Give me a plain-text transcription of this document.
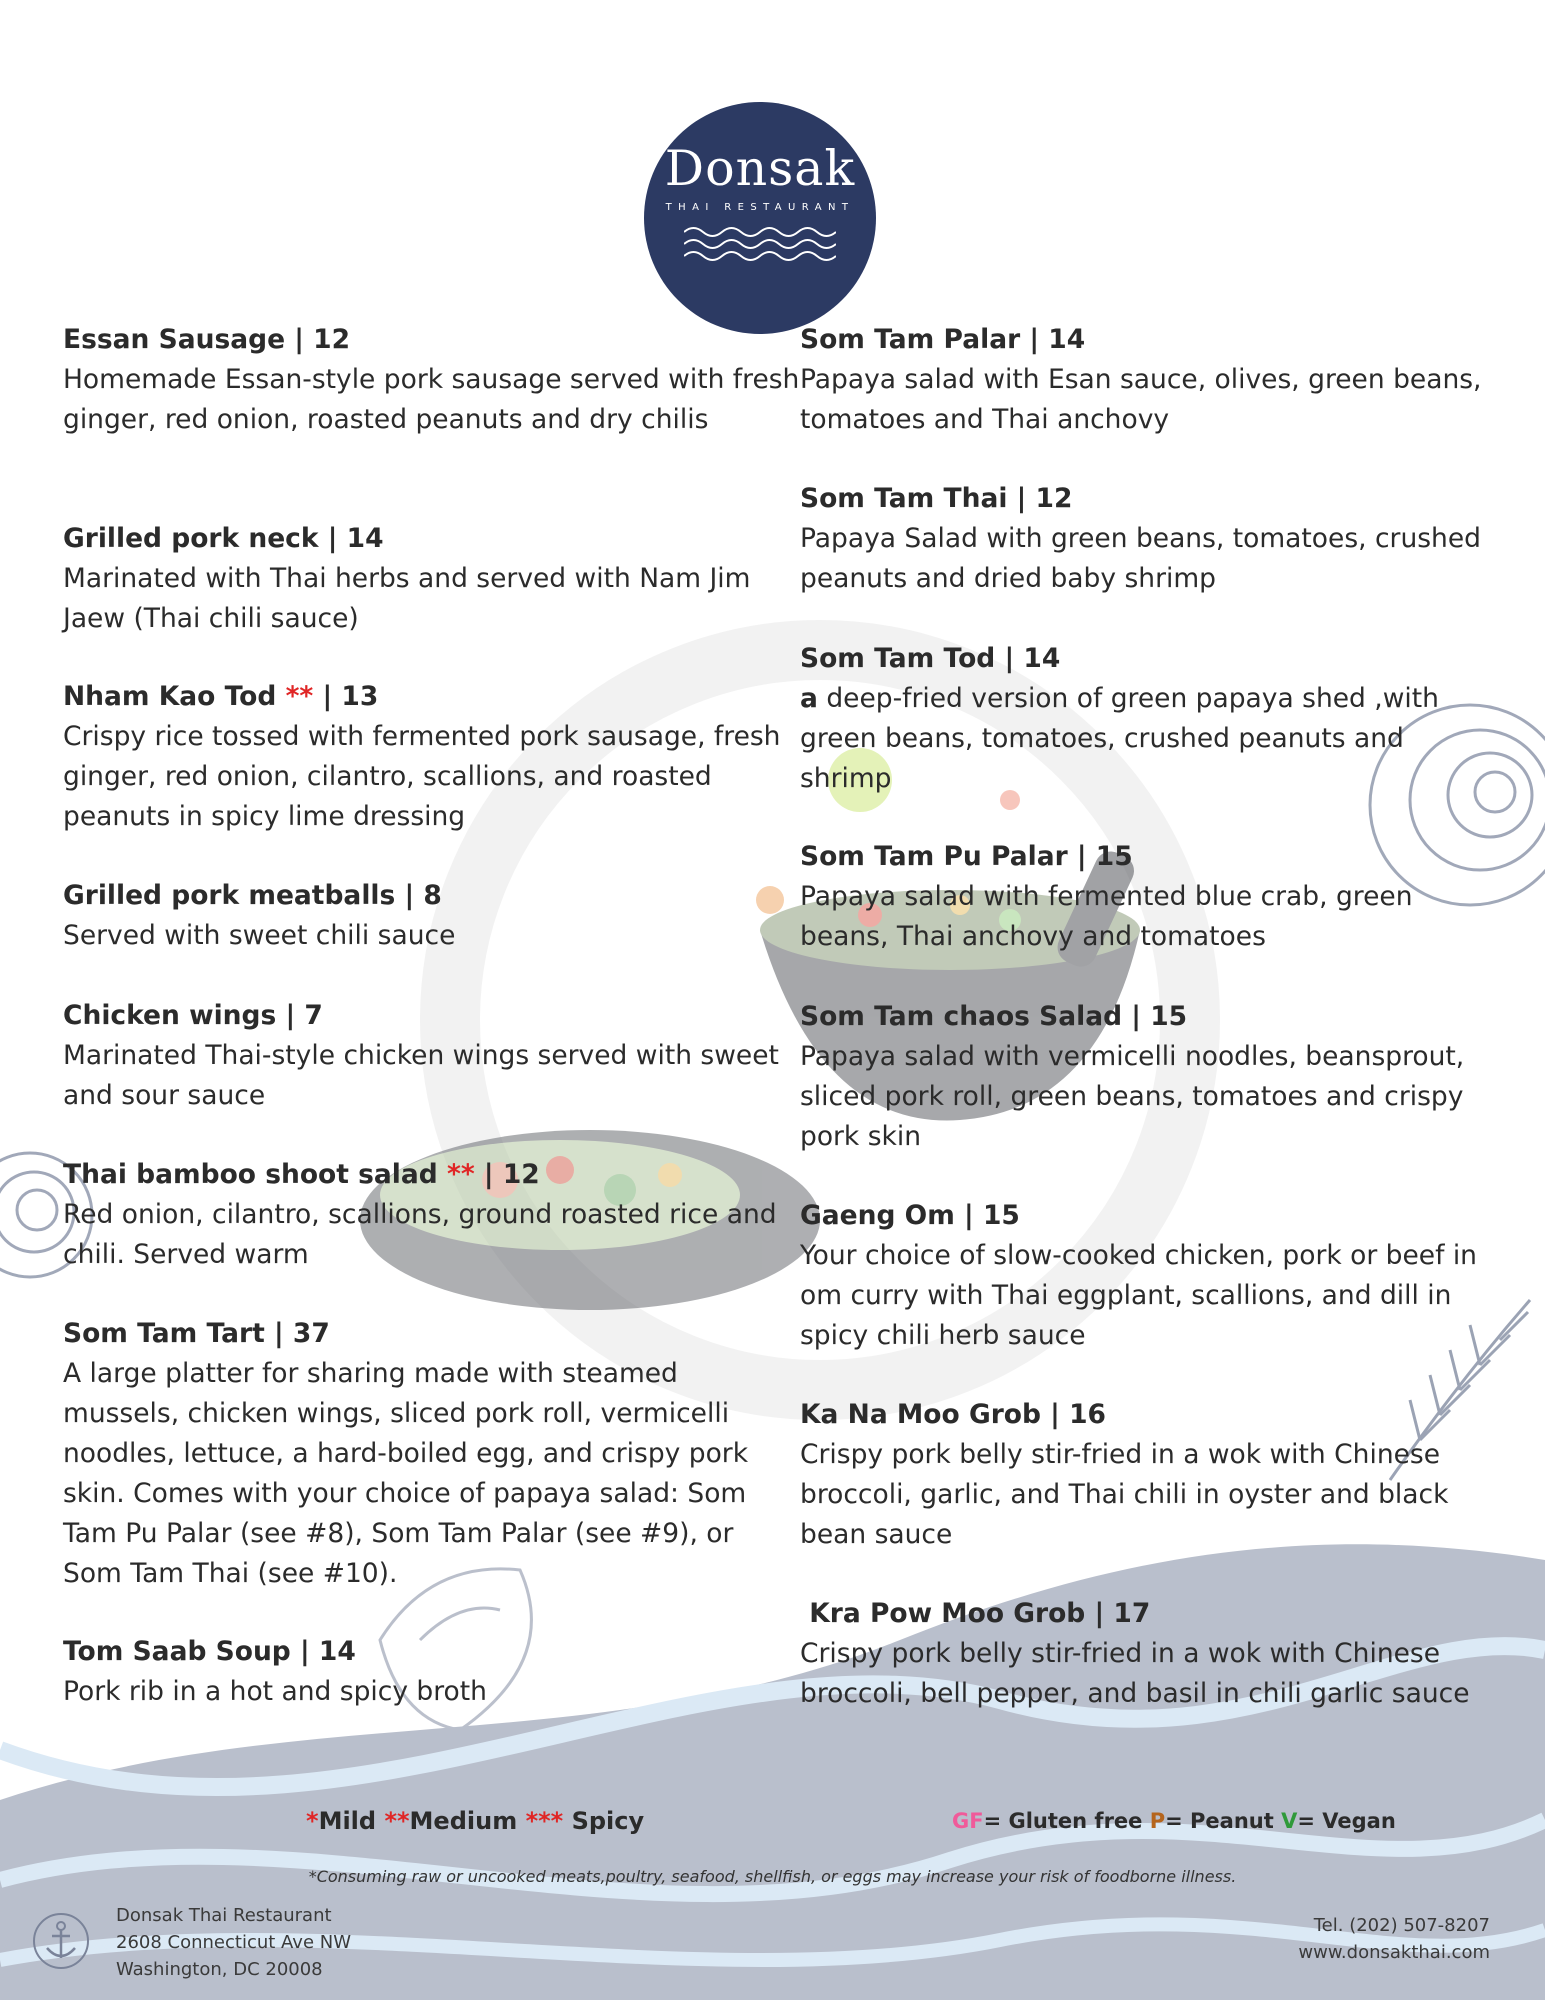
Donsak
THAI RESTAURANT
Essan Sausage | 12
Homemade Essan-style pork sausage served with fresh ginger, red onion, roasted peanuts and dry chilis
Grilled pork neck | 14
Marinated with Thai herbs and served with Nam Jim Jaew (Thai chili sauce)
Nham Kao Tod ** | 13
Crispy rice tossed with fermented pork sausage, fresh ginger, red onion, cilantro, scallions, and roasted peanuts in spicy lime dressing
Grilled pork meatballs | 8
Served with sweet chili sauce
Chicken wings | 7
Marinated Thai-style chicken wings served with sweet and sour sauce
Thai bamboo shoot salad ** | 12
Red onion, cilantro, scallions, ground roasted rice and chili. Served warm
Som Tam Tart | 37
A large platter for sharing made with steamed mussels, chicken wings, sliced pork roll, vermicelli noodles, lettuce, a hard-boiled egg, and crispy pork skin. Comes with your choice of papaya salad: Som Tam Pu Palar (see #8), Som Tam Palar (see #9), or Som Tam Thai (see #10).
Tom Saab Soup | 14
Pork rib in a hot and spicy broth
Som Tam Palar | 14
Papaya salad with Esan sauce, olives, green beans, tomatoes and Thai anchovy
Som Tam Thai | 12
Papaya Salad with green beans, tomatoes, crushed peanuts and dried baby shrimp
Som Tam Tod | 14
a deep-fried version of green papaya shed ,with green beans, tomatoes, crushed peanuts and shrimp
Som Tam Pu Palar | 15
Papaya salad with fermented blue crab, green beans, Thai anchovy and tomatoes
Som Tam chaos Salad | 15
Papaya salad with vermicelli noodles, beansprout, sliced pork roll, green beans, tomatoes and crispy pork skin
Gaeng Om | 15
Your choice of slow-cooked chicken, pork or beef in om curry with Thai eggplant, scallions, and dill in spicy chili herb sauce
Ka Na Moo Grob | 16
Crispy pork belly stir-fried in a wok with Chinese broccoli, garlic, and Thai chili in oyster and black bean sauce
Kra Pow Moo Grob | 17
Crispy pork belly stir-fried in a wok with Chinese broccoli, bell pepper, and basil in chili garlic sauce
*Mild **Medium *** Spicy	GF= Gluten free P= Peanut V= Vegan
*Consuming raw or uncooked meats,poultry, seafood, shellfish, or eggs may increase your risk of foodborne illness.
Donsak Thai Restaurant
2608 Connecticut Ave NW
Washington, DC 20008
Tel. (202) 507-8207
www.donsakthai.com
